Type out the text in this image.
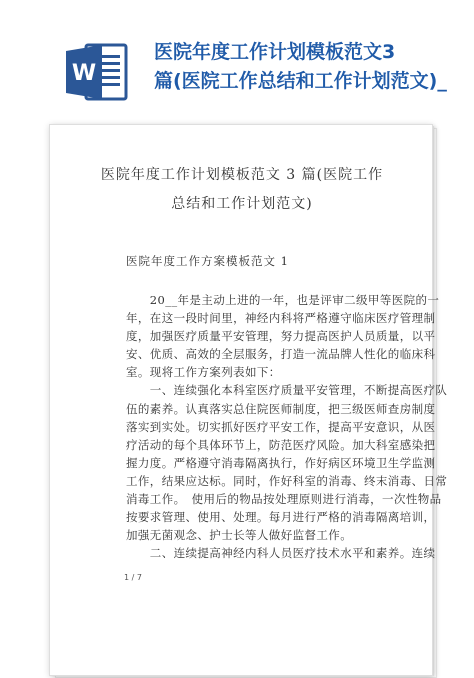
W
医院年度工作计划模板范文3
篇(医院工作总结和工作计划范文)_
医院年度工作计划模板范文 3 篇(医院工作
总结和工作计划范文)
医院年度工作方案模板范文 1
　　20__年是主动上进的一年，也是评审二级甲等医院的一
年，在这一段时间里，神经内科将严格遵守临床医疗管理制
度，加强医疗质量平安管理，努力提高医护人员质量，以平
安、优质、高效的全层服务，打造一流品牌人性化的临床科
室。现将工作方案列表如下：
　　一、连续强化本科室医疗质量平安管理，不断提高医疗队
伍的素养。认真落实总住院医师制度，把三级医师查房制度
落实到实处。切实抓好医疗平安工作，提高平安意识，从医
疗活动的每个具体环节上，防范医疗风险。加大科室感染把
握力度。严格遵守消毒隔离执行，作好病区环境卫生学监测
工作，结果应达标。同时，作好科室的消毒、终末消毒、日常
消毒工作。　使用后的物品按处理原则进行消毒，一次性物品
按要求管理、使用、处理。每月进行严格的消毒隔离培训，
加强无菌观念、护士长等人做好监督工作。
　　二、连续提高神经内科人员医疗技术水平和素养。连续
1 / 7
